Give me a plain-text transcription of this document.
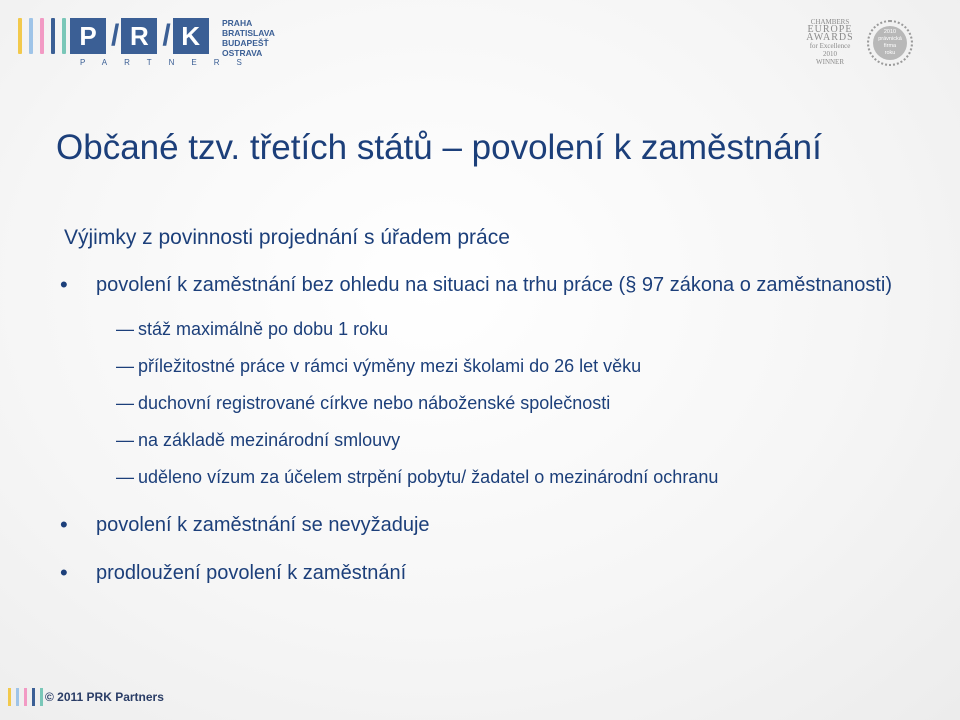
P / R / K
PARTNERS
PRAHA
BRATISLAVA
BUDAPEŠŤ
OSTRAVA
CHAMBERS
EUROPE
AWARDS
for Excellence
2010
WINNER
2010
právnická
firma
roku
Občané tzv. třetích států – povolení k zaměstnání
Výjimky z povinnosti projednání s úřadem práce
• povolení k zaměstnání bez ohledu na situaci na trhu práce (§ 97 zákona o zaměstnanosti)
— stáž maximálně po dobu 1 roku
— příležitostné práce v rámci výměny mezi školami do 26 let věku
— duchovní registrované církve nebo náboženské společnosti
— na základě mezinárodní smlouvy
— uděleno vízum za účelem strpění pobytu/ žadatel o mezinárodní ochranu
• povolení k zaměstnání se nevyžaduje
• prodloužení povolení k zaměstnání
© 2011 PRK Partners
